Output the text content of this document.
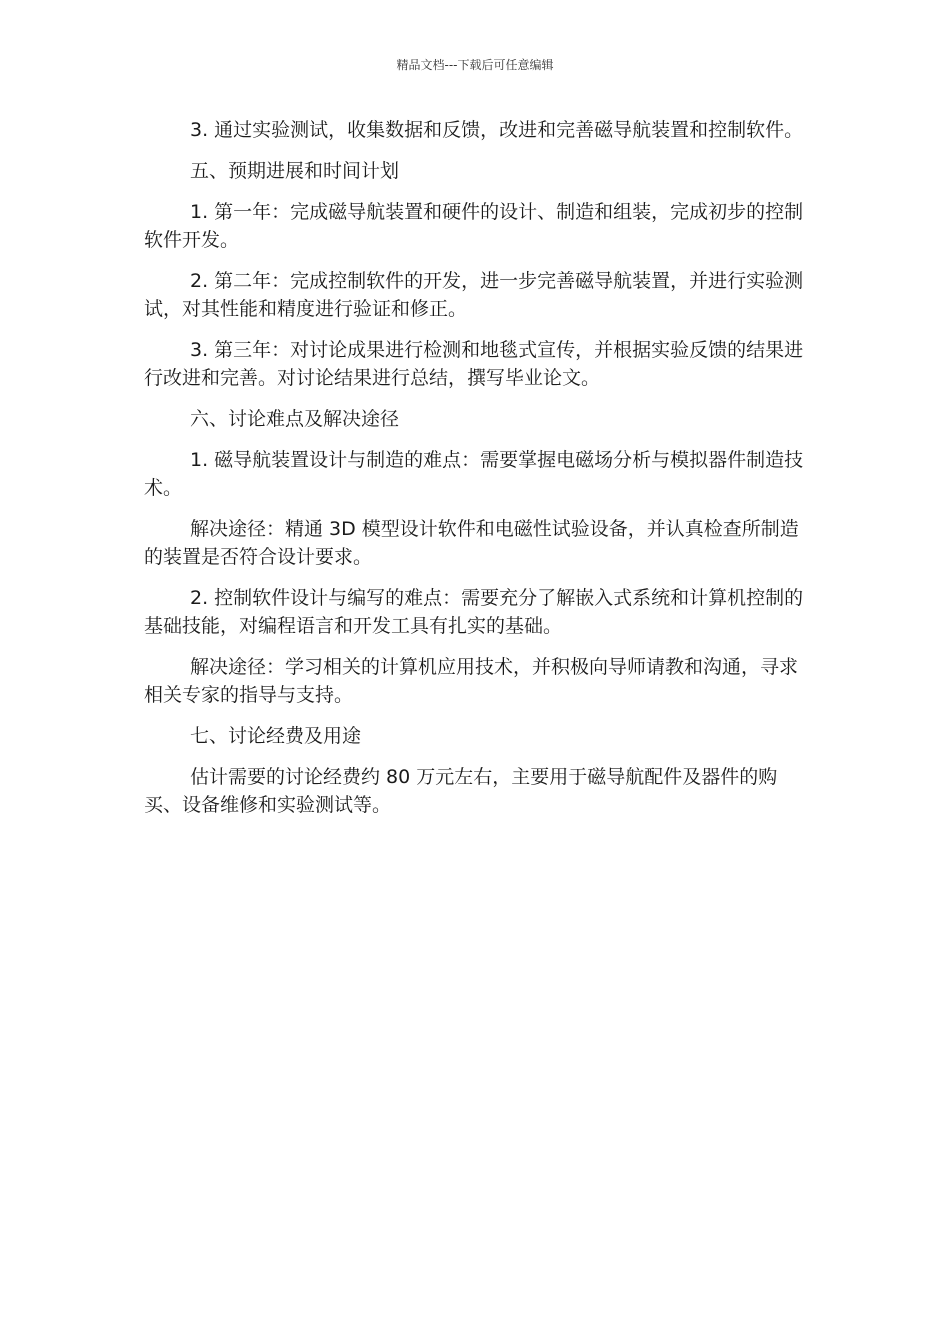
精品文档---下载后可任意编辑

3. 通过实验测试，收集数据和反馈，改进和完善磁导航装置和控制软件。

五、预期进展和时间计划

1. 第一年：完成磁导航装置和硬件的设计、制造和组装，完成初步的控制软件开发。

2. 第二年：完成控制软件的开发，进一步完善磁导航装置，并进行实验测试，对其性能和精度进行验证和修正。

3. 第三年：对讨论成果进行检测和地毯式宣传，并根据实验反馈的结果进行改进和完善。对讨论结果进行总结，撰写毕业论文。

六、讨论难点及解决途径

1. 磁导航装置设计与制造的难点：需要掌握电磁场分析与模拟器件制造技术。

解决途径：精通 3D 模型设计软件和电磁性试验设备，并认真检查所制造的装置是否符合设计要求。

2. 控制软件设计与编写的难点：需要充分了解嵌入式系统和计算机控制的基础技能，对编程语言和开发工具有扎实的基础。

解决途径：学习相关的计算机应用技术，并积极向导师请教和沟通，寻求相关专家的指导与支持。

七、讨论经费及用途

估计需要的讨论经费约 80 万元左右，主要用于磁导航配件及器件的购买、设备维修和实验测试等。
